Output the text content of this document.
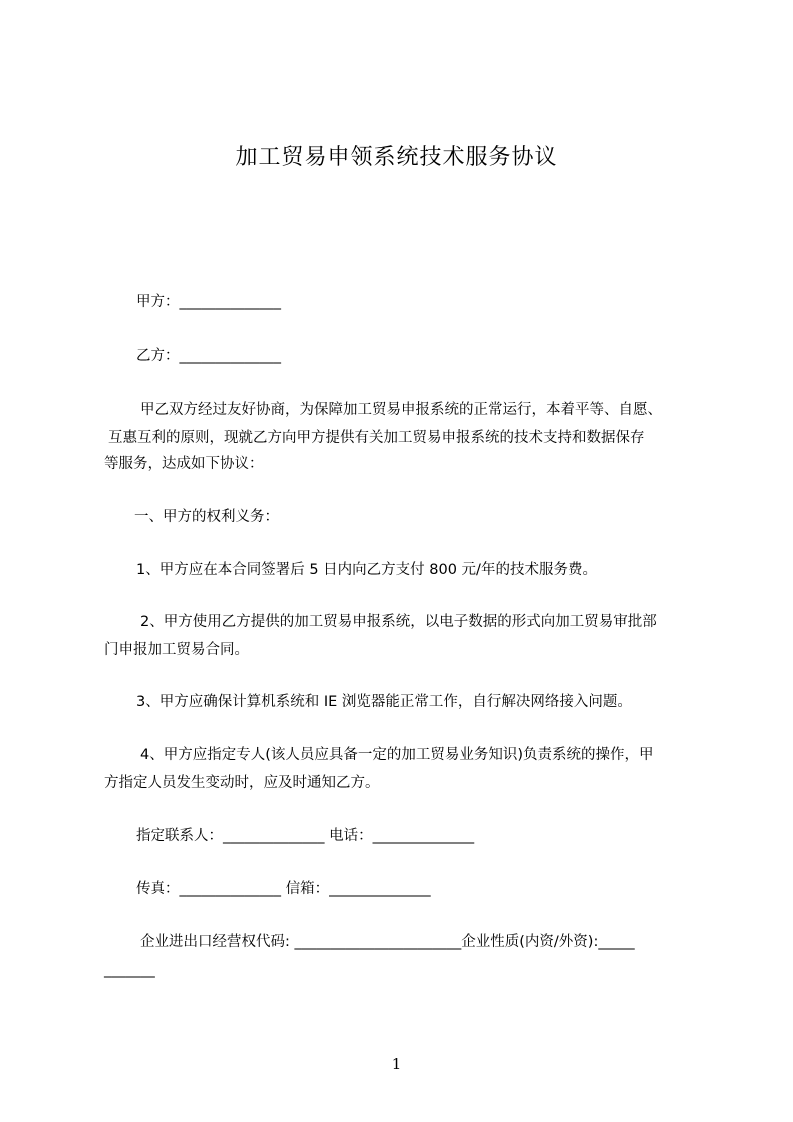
加工贸易申领系统技术服务协议
甲方：______________
乙方：______________
甲乙双方经过友好协商，为保障加工贸易申报系统的正常运行，本着平等、自愿、
互惠互利的原则，现就乙方向甲方提供有关加工贸易申报系统的技术支持和数据保存
等服务，达成如下协议：
一、甲方的权利义务：
1、甲方应在本合同签署后 5 日内向乙方支付 800 元/年的技术服务费。
2、甲方使用乙方提供的加工贸易申报系统，以电子数据的形式向加工贸易审批部
门申报加工贸易合同。
3、甲方应确保计算机系统和 IE 浏览器能正常工作，自行解决网络接入问题。
4、甲方应指定专人(该人员应具备一定的加工贸易业务知识)负责系统的操作，甲
方指定人员发生变动时，应及时通知乙方。
指定联系人：______________ 电话：______________
传真：______________ 信箱：______________
企业进出口经营权代码: _______________________企业性质(内资/外资):_____
_______
1
